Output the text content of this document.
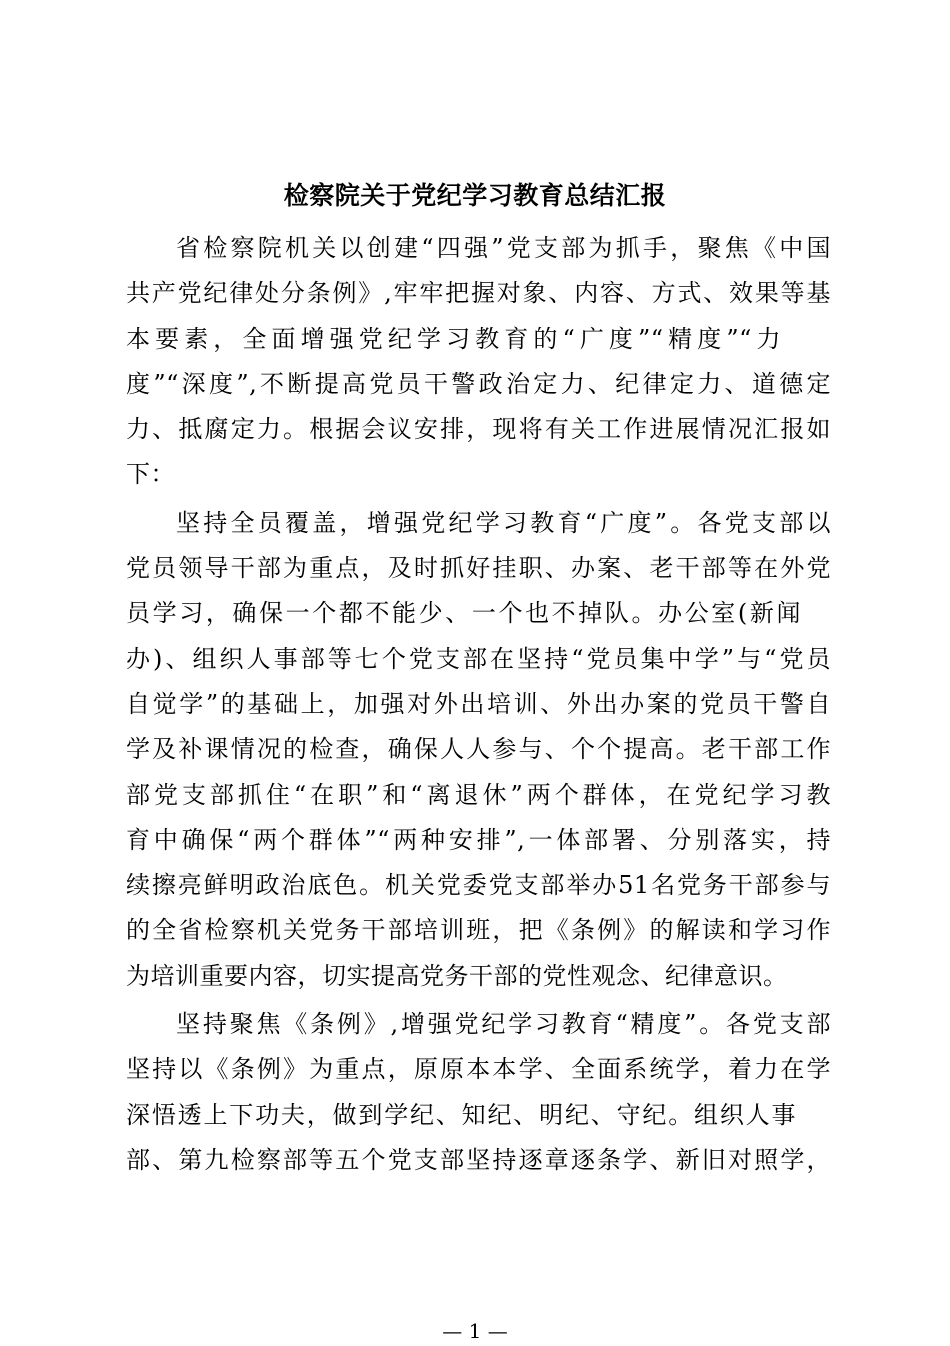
检察院关于党纪学习教育总结汇报
省检察院机关以创建“四强”党支部为抓手，聚焦《中国
共产党纪律处分条例》,牢牢把握对象、内容、方式、效果等基
本要素，全面增强党纪学习教育的“广度”“精度”“力
度”“深度”,不断提高党员干警政治定力、纪律定力、道德定
力、抵腐定力。根据会议安排，现将有关工作进展情况汇报如
下：
坚持全员覆盖，增强党纪学习教育“广度”。各党支部以
党员领导干部为重点，及时抓好挂职、办案、老干部等在外党
员学习，确保一个都不能少、一个也不掉队。办公室(新闻
办)、组织人事部等七个党支部在坚持“党员集中学”与“党员
自觉学”的基础上，加强对外出培训、外出办案的党员干警自
学及补课情况的检查，确保人人参与、个个提高。老干部工作
部党支部抓住“在职”和“离退休”两个群体，在党纪学习教
育中确保“两个群体”“两种安排”,一体部署、分别落实，持
续擦亮鲜明政治底色。机关党委党支部举办51名党务干部参与
的全省检察机关党务干部培训班，把《条例》的解读和学习作
为培训重要内容，切实提高党务干部的党性观念、纪律意识。
坚持聚焦《条例》,增强党纪学习教育“精度”。各党支部
坚持以《条例》为重点，原原本本学、全面系统学，着力在学
深悟透上下功夫，做到学纪、知纪、明纪、守纪。组织人事
部、第九检察部等五个党支部坚持逐章逐条学、新旧对照学，
— 1 —
